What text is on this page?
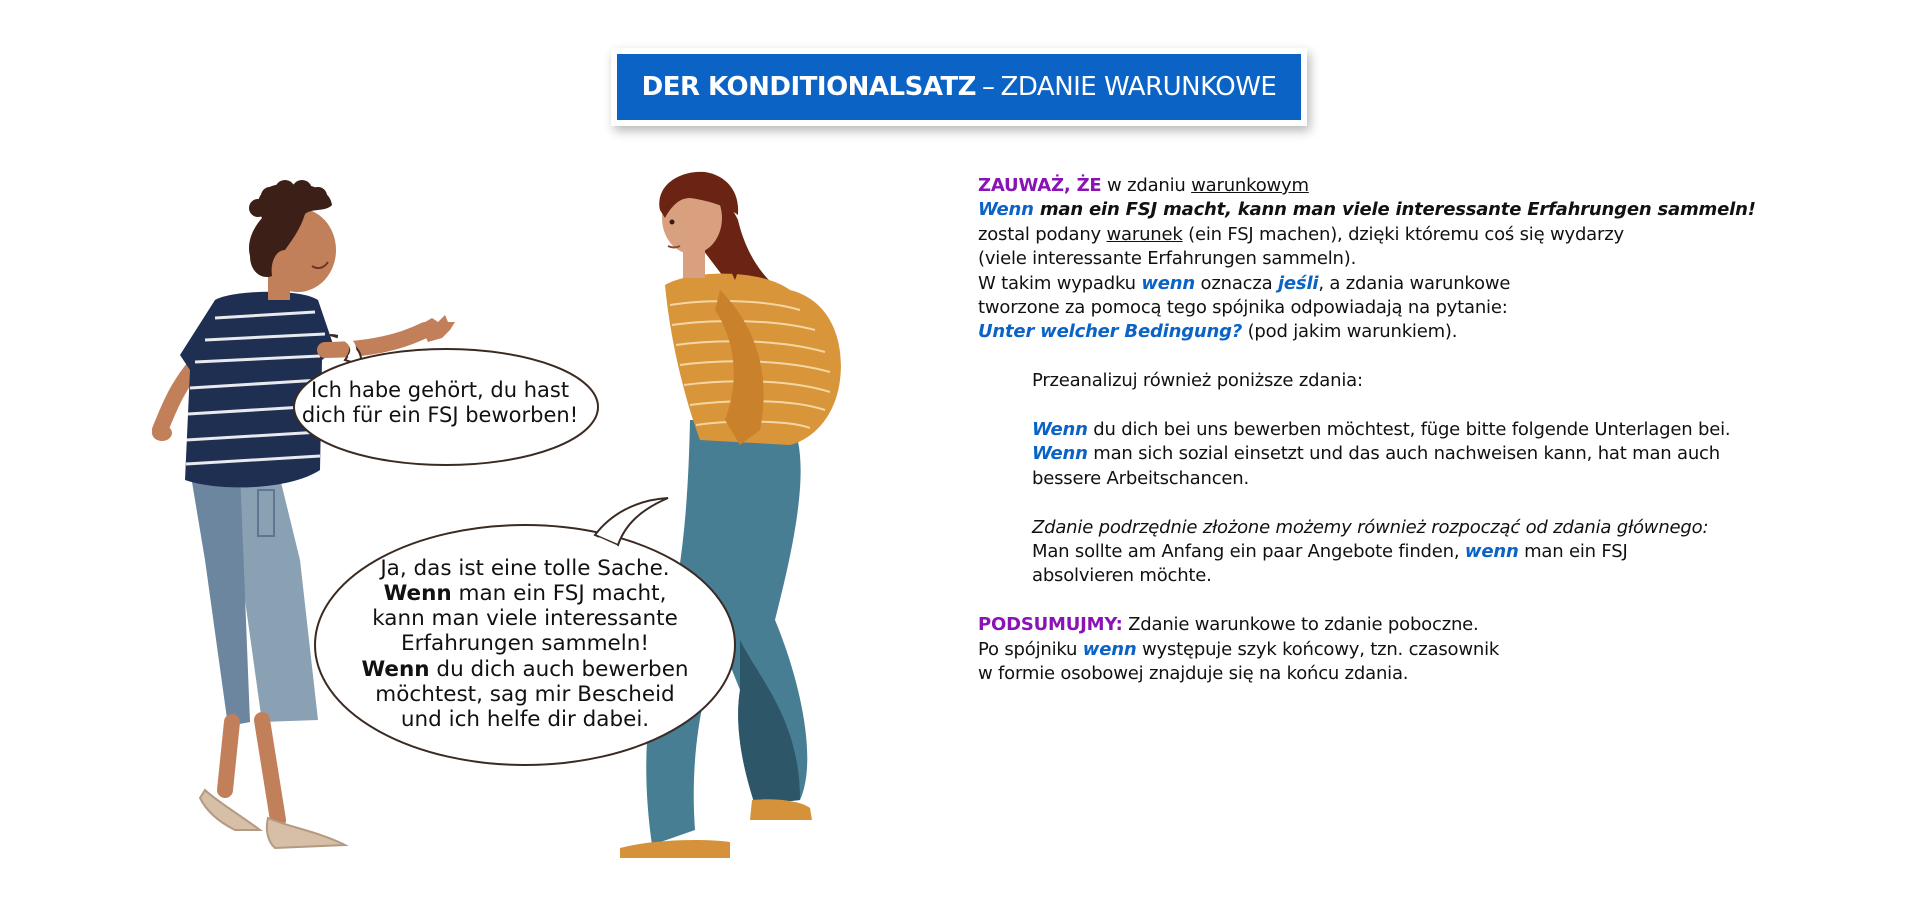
DER KONDITIONALSATZ – ZDANIE WARUNKOWE
Ich habe gehört, du hast
dich für ein FSJ beworben!
Ja, das ist eine tolle Sache.
Wenn man ein FSJ macht,
kann man viele interessante
Erfahrungen sammeln!
Wenn du dich auch bewerben
möchtest, sag mir Bescheid
und ich helfe dir dabei.
ZAUWAŻ, ŻE w zdaniu warunkowym
Wenn man ein FSJ macht, kann man viele interessante Erfahrungen sammeln!
zostal podany warunek (ein FSJ machen), dzięki któremu coś się wydarzy
(viele interessante Erfahrungen sammeln).
W takim wypadku wenn oznacza jeśli, a zdania warunkowe
tworzone za pomocą tego spójnika odpowiadają na pytanie:
Unter welcher Bedingung? (pod jakim warunkiem).
Przeanalizuj również poniższe zdania:
Wenn du dich bei uns bewerben möchtest, füge bitte folgende Unterlagen bei.
Wenn man sich sozial einsetzt und das auch nachweisen kann, hat man auch
bessere Arbeitschancen.
Zdanie podrzędnie złożone możemy również rozpocząć od zdania głównego:
Man sollte am Anfang ein paar Angebote finden, wenn man ein FSJ
absolvieren möchte.
PODSUMUJMY: Zdanie warunkowe to zdanie poboczne.
Po spójniku wenn występuje szyk końcowy, tzn. czasownik
w formie osobowej znajduje się na końcu zdania.
